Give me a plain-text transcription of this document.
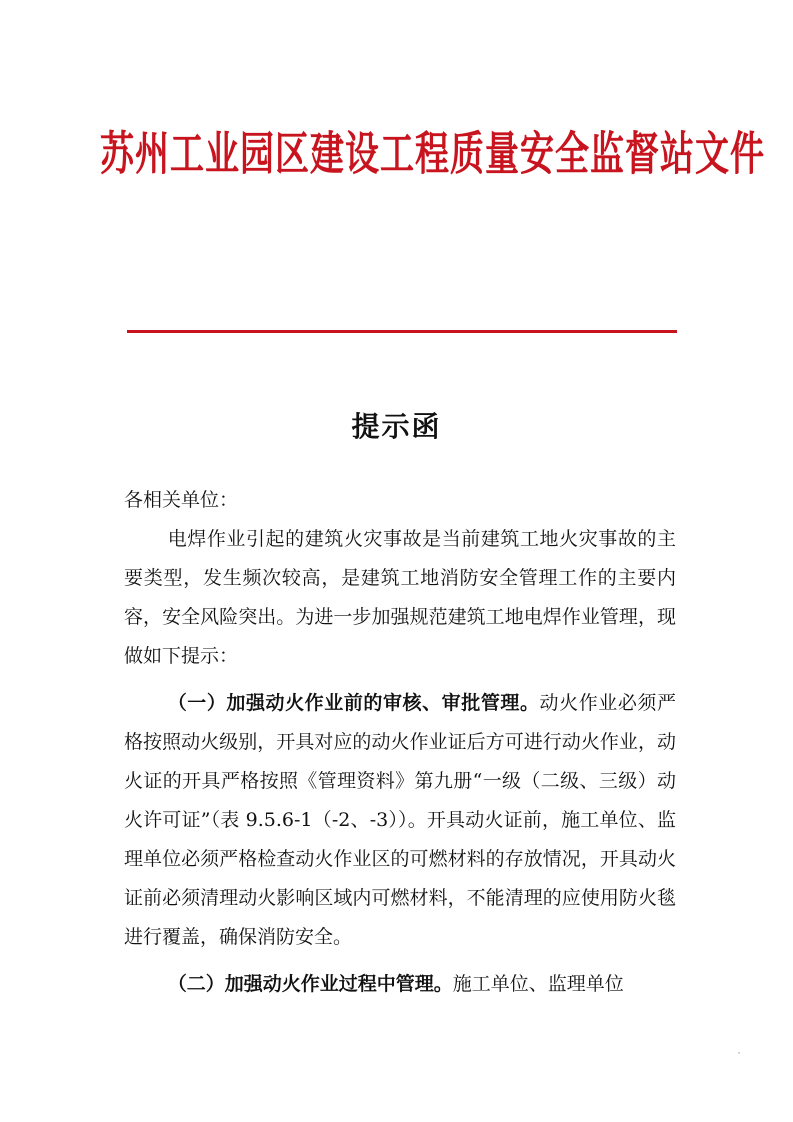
苏州工业园区建设工程质量安全监督站文件
提示函

各相关单位：

电焊作业引起的建筑火灾事故是当前建筑工地火灾事故的主要类型，发生频次较高，是建筑工地消防安全管理工作的主要内容，安全风险突出。为进一步加强规范建筑工地电焊作业管理，现做如下提示：

（一）加强动火作业前的审核、审批管理。动火作业必须严格按照动火级别，开具对应的动火作业证后方可进行动火作业，动火证的开具严格按照《管理资料》第九册“一级（二级、三级）动火许可证”（表 9.5.6-1（-2、-3））。开具动火证前，施工单位、监理单位必须严格检查动火作业区的可燃材料的存放情况，开具动火证前必须清理动火影响区域内可燃材料，不能清理的应使用防火毯进行覆盖，确保消防安全。

（二）加强动火作业过程中管理。施工单位、监理单位
